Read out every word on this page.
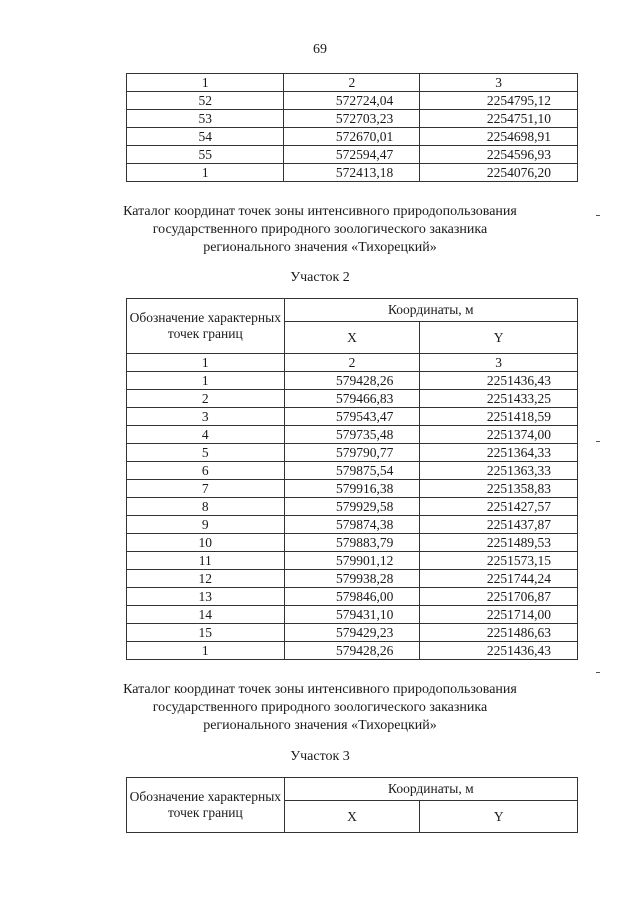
69
1	2	3
52	572724,04	2254795,12
53	572703,23	2254751,10
54	572670,01	2254698,91
55	572594,47	2254596,93
1	572413,18	2254076,20
Каталог координат точек зоны интенсивного природопользования
государственного природного зоологического заказника
регионального значения «Тихорецкий»
Участок 2
Обозначение характерных точек границ	Координаты, м	
	X	Y
1	2	3
1	579428,26	2251436,43
2	579466,83	2251433,25
3	579543,47	2251418,59
4	579735,48	2251374,00
5	579790,77	2251364,33
6	579875,54	2251363,33
7	579916,38	2251358,83
8	579929,58	2251427,57
9	579874,38	2251437,87
10	579883,79	2251489,53
11	579901,12	2251573,15
12	579938,28	2251744,24
13	579846,00	2251706,87
14	579431,10	2251714,00
15	579429,23	2251486,63
1	579428,26	2251436,43
Каталог координат точек зоны интенсивного природопользования
государственного природного зоологического заказника
регионального значения «Тихорецкий»
Участок 3
Обозначение характерных точек границ	Координаты, м	
	X	Y
